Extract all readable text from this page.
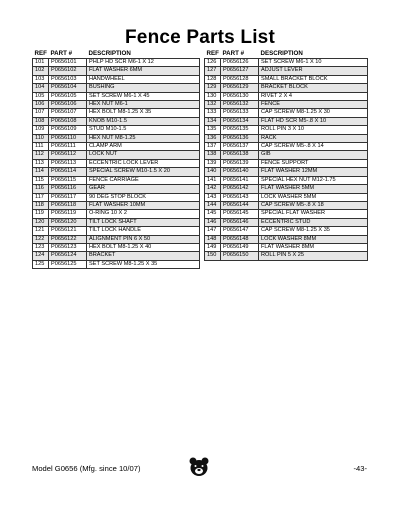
Fence Parts List
REF	PART #	DESCRIPTION
101	P0656101	PHLP HD SCR M6-1 X 12
102	P0656102	FLAT WASHER 6MM
103	P0656103	HANDWHEEL
104	P0656104	BUSHING
105	P0656105	SET SCREW M6-1 X 45
106	P0656106	HEX NUT M6-1
107	P0656107	HEX BOLT M8-1.25 X 35
108	P0656108	KNOB M10-1.5
109	P0656109	STUD M10-1.5
110	P0656110	HEX NUT M8-1.25
111	P0656111	CLAMP ARM
112	P0656112	LOCK NUT
113	P0656113	ECCENTRIC LOCK LEVER
114	P0656114	SPECIAL SCREW M10-1.5 X 20
115	P0656115	FENCE CARRIAGE
116	P0656116	GEAR
117	P0656117	90 DEG STOP BLOCK
118	P0656118	FLAT WASHER 10MM
119	P0656119	O-RING 10 X 2
120	P0656120	TILT LOCK SHAFT
121	P0656121	TILT LOCK HANDLE
122	P0656122	ALIGNMENT PIN 6 X 50
123	P0656123	HEX BOLT M8-1.25 X 40
124	P0656124	BRACKET
125	P0656125	SET SCREW M8-1.25 X 35
REF	PART #	DESCRIPTION
126	P0656126	SET SCREW M6-1 X 10
127	P0656127	ADJUST LEVER
128	P0656128	SMALL BRACKET BLOCK
129	P0656129	BRACKET BLOCK
130	P0656130	RIVET 2 X 4
132	P0656132	FENCE
133	P0656133	CAP SCREW M8-1.25 X 30
134	P0656134	FLAT HD SCR M5-.8 X 10
135	P0656135	ROLL PIN 3 X 10
136	P0656136	RACK
137	P0656137	CAP SCREW M5-.8 X 14
138	P0656138	GIB
139	P0656139	FENCE SUPPORT
140	P0656140	FLAT WASHER 12MM
141	P0656141	SPECIAL HEX NUT M12-1.75
142	P0656142	FLAT WASHER 5MM
143	P0656143	LOCK WASHER 5MM
144	P0656144	CAP SCREW M5-.8 X 18
145	P0656145	SPECIAL FLAT WASHER
146	P0656146	ECCENTRIC STUD
147	P0656147	CAP SCREW M8-1.25 X 35
148	P0656148	LOCK WASHER 8MM
149	P0656149	FLAT WASHER 8MM
150	P0656150	ROLL PIN 5 X 25
Model G0656 (Mfg. since 10/07)	-43-
